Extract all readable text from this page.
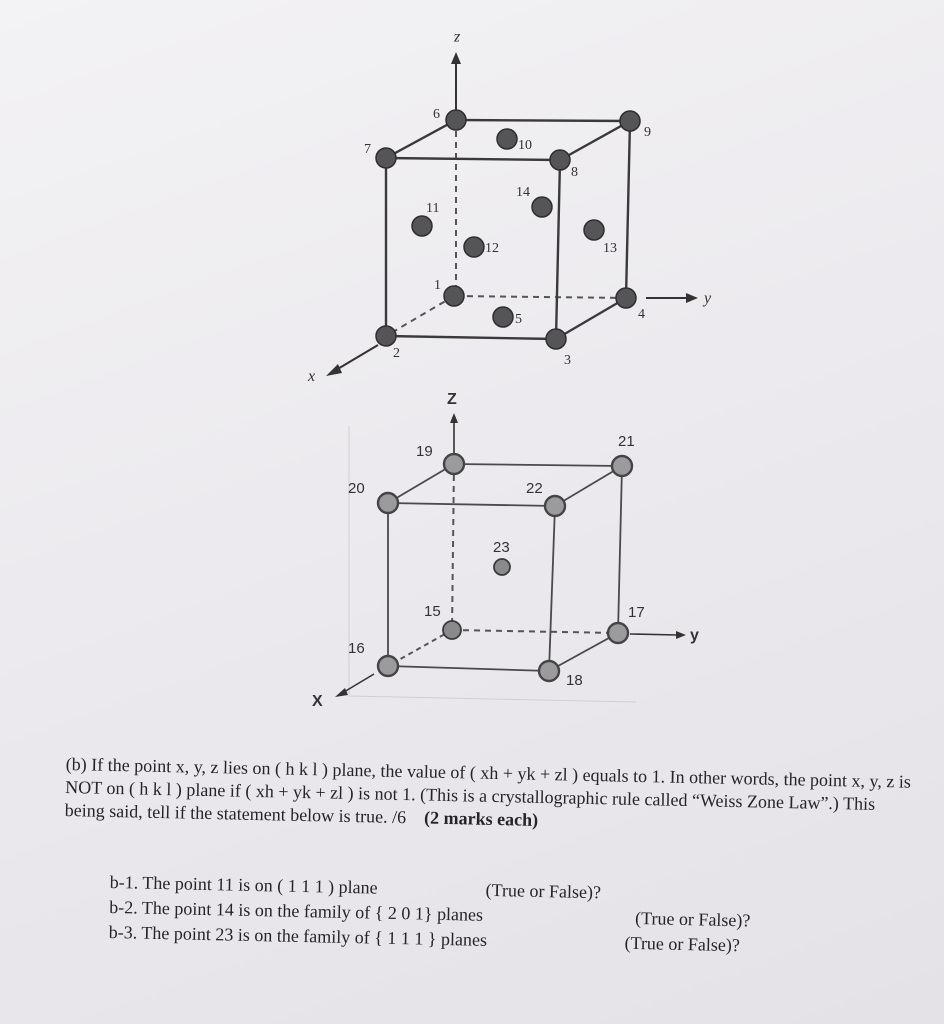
z
x
y
6
7
9
8
10
14
11
12	13
1
4
5
2	3
Z
X
y
19
21
20	22
23
15	17
16
18

(b) If the point x, y, z lies on ( h k l ) plane, the value of ( xh + yk + zl ) equals to 1. In other words, the point x, y, z is NOT on ( h k l ) plane if ( xh + yk + zl ) is not 1. (This is a crystallographic rule called “Weiss Zone Law”.) This being said, tell if the statement below is true. /6 (2 marks each)

b-1. The point 11 is on ( 1 1 1 ) plane	(True or False)?
b-2. The point 14 is on the family of { 2 0 1} planes	(True or False)?
b-3. The point 23 is on the family of { 1 1 1 } planes	(True or False)?
